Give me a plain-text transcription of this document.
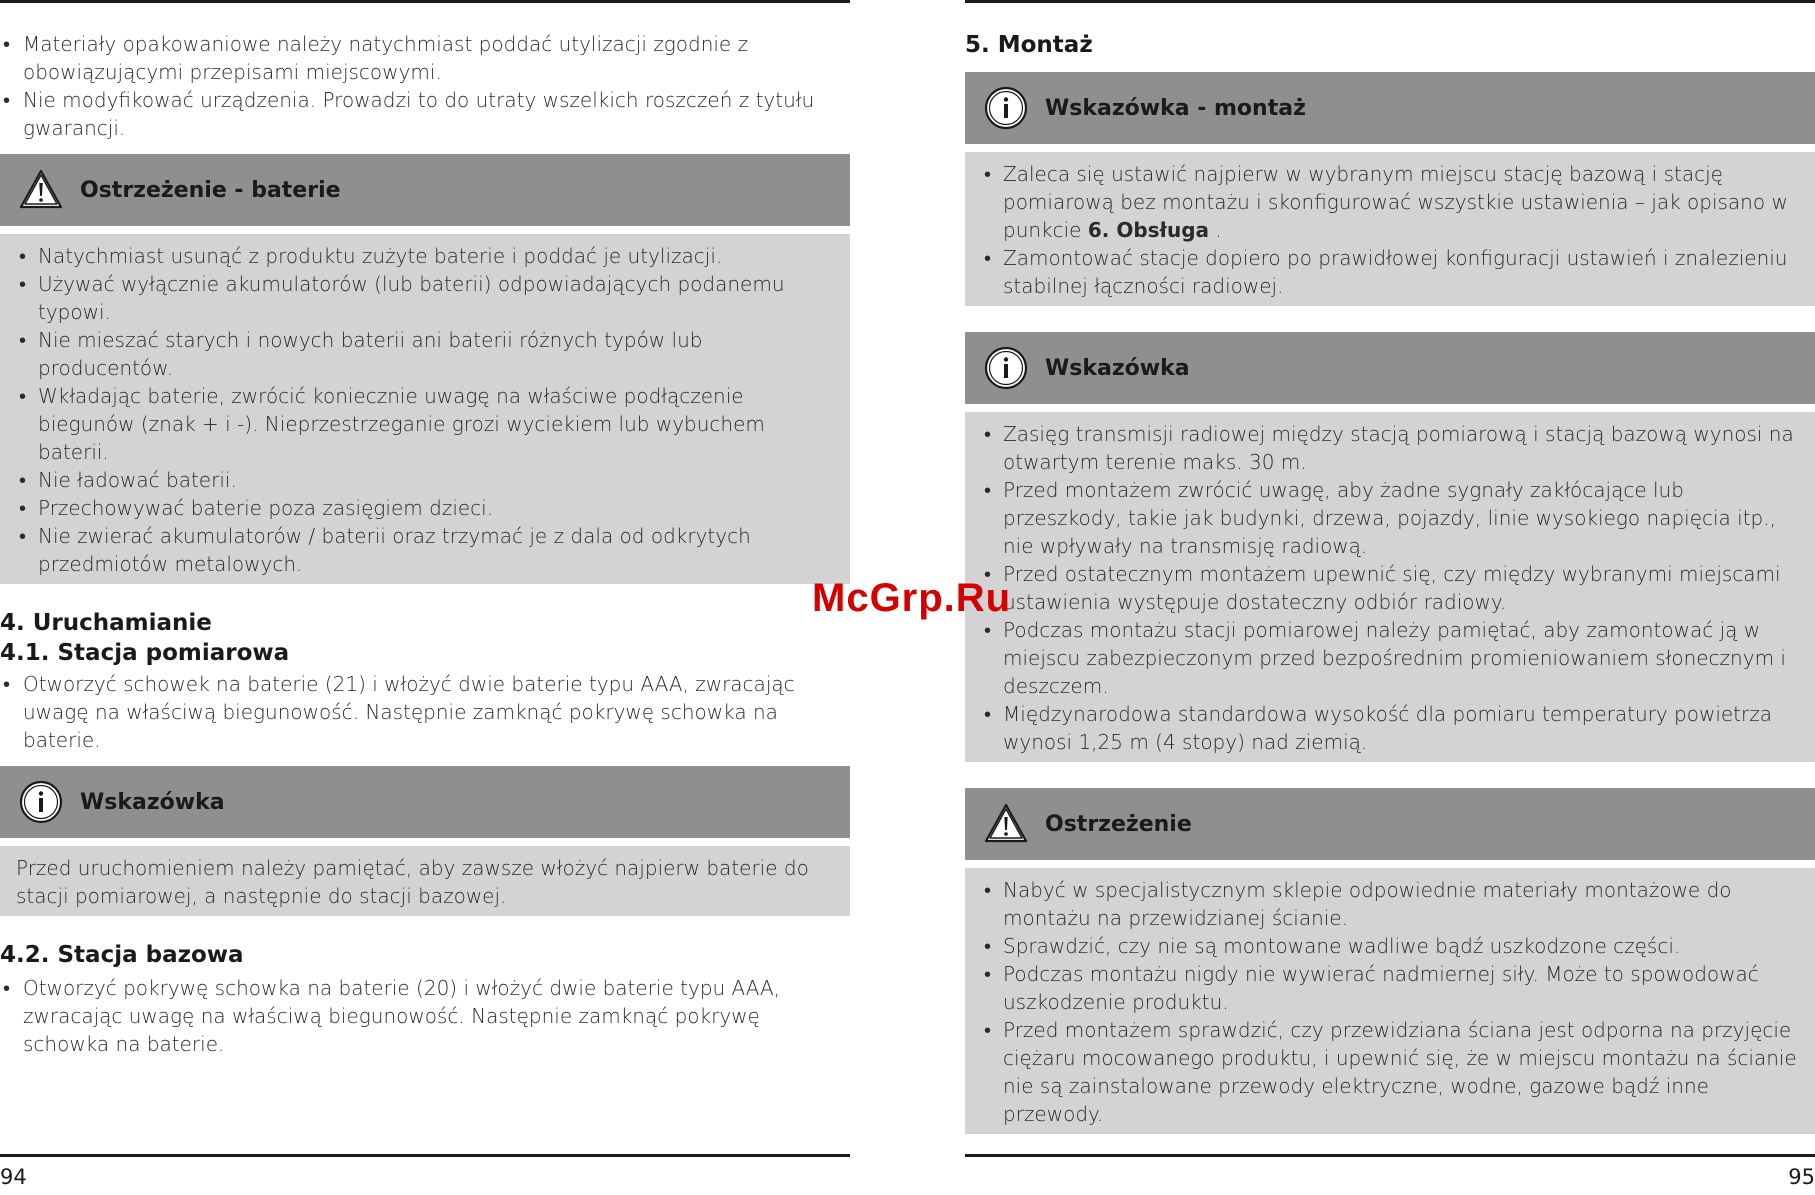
• Materiały opakowaniowe należy natychmiast poddać utylizacji zgodnie z obowiązującymi przepisami miejscowymi.
• Nie modyfikować urządzenia. Prowadzi to do utraty wszelkich roszczeń z tytułu gwarancji.
Ostrzeżenie - baterie
• Natychmiast usunąć z produktu zużyte baterie i poddać je utylizacji.
• Używać wyłącznie akumulatorów (lub baterii) odpowiadających podanemu typowi.
• Nie mieszać starych i nowych baterii ani baterii różnych typów lub producentów.
• Wkładając baterie, zwrócić koniecznie uwagę na właściwe podłączenie biegunów (znak + i -). Nieprzestrzeganie grozi wyciekiem lub wybuchem baterii.
• Nie ładować baterii.
• Przechowywać baterie poza zasięgiem dzieci.
• Nie zwierać akumulatorów / baterii oraz trzymać je z dala od odkrytych przedmiotów metalowych.
4. Uruchamianie
4.1. Stacja pomiarowa
• Otworzyć schowek na baterie (21) i włożyć dwie baterie typu AAA, zwracając uwagę na właściwą biegunowość. Następnie zamknąć pokrywę schowka na baterie.
Wskazówka

Przed uruchomieniem należy pamiętać, aby zawsze włożyć najpierw baterie do stacji pomiarowej, a następnie do stacji bazowej.

4.2. Stacja bazowa
• Otworzyć pokrywę schowka na baterie (20) i włożyć dwie baterie typu AAA, zwracając uwagę na właściwą biegunowość. Następnie zamknąć pokrywę schowka na baterie.
94
5. Montaż
Wskazówka - montaż
• Zaleca się ustawić najpierw w wybranym miejscu stację bazową i stację pomiarową bez montażu i skonfigurować wszystkie ustawienia – jak opisano w punkcie 6. Obsługa .
• Zamontować stacje dopiero po prawidłowej konfiguracji ustawień i znalezieniu stabilnej łączności radiowej.
Wskazówka
• Zasięg transmisji radiowej między stacją pomiarową i stacją bazową wynosi na otwartym terenie maks. 30 m.
• Przed montażem zwrócić uwagę, aby żadne sygnały zakłócające lub przeszkody, takie jak budynki, drzewa, pojazdy, linie wysokiego napięcia itp., nie wpływały na transmisję radiową.
• Przed ostatecznym montażem upewnić się, czy między wybranymi miejscami ustawienia występuje dostateczny odbiór radiowy.
• Podczas montażu stacji pomiarowej należy pamiętać, aby zamontować ją w miejscu zabezpieczonym przed bezpośrednim promieniowaniem słonecznym i deszczem.
• Międzynarodowa standardowa wysokość dla pomiaru temperatury powietrza wynosi 1,25 m (4 stopy) nad ziemią.
Ostrzeżenie
• Nabyć w specjalistycznym sklepie odpowiednie materiały montażowe do montażu na przewidzianej ścianie.
• Sprawdzić, czy nie są montowane wadliwe bądź uszkodzone części.
• Podczas montażu nigdy nie wywierać nadmiernej siły. Może to spowodować uszkodzenie produktu.
• Przed montażem sprawdzić, czy przewidziana ściana jest odporna na przyjęcie ciężaru mocowanego produktu, i upewnić się, że w miejscu montażu na ścianie nie są zainstalowane przewody elektryczne, wodne, gazowe bądź inne przewody.
95
McGrp.Ru
